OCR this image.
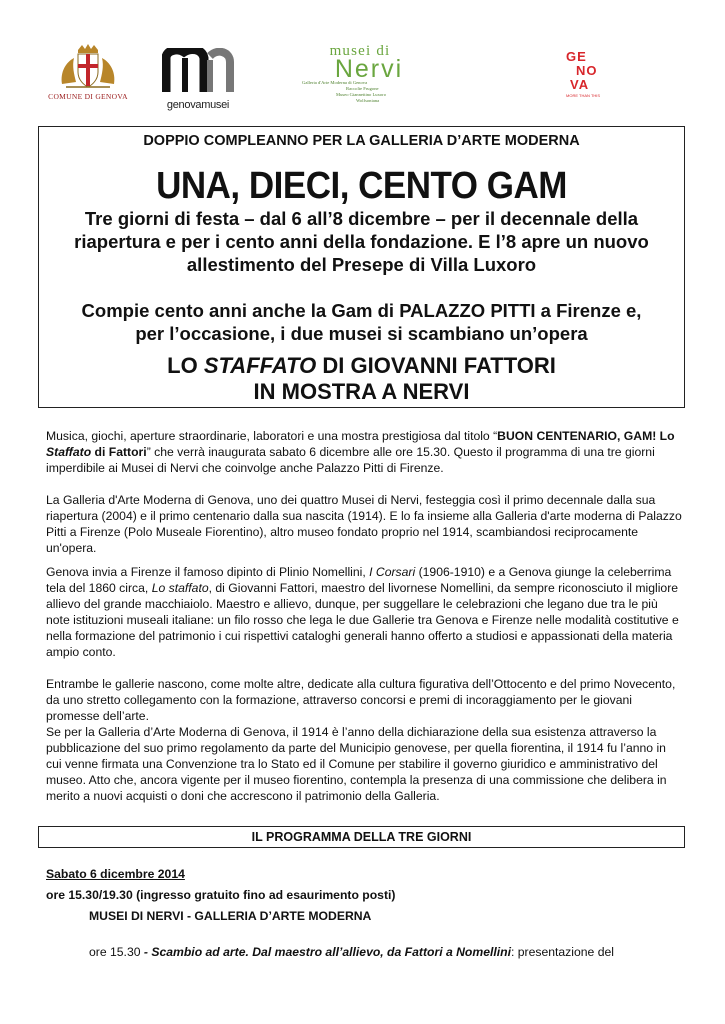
COMUNE DI GENOVA
genovamusei
musei di
Nervi
Galleria d'Arte Moderna di Genova
Raccolte Frugone
Museo Giannettino Luxoro
Wolfsoniana
GE
NO
VA
MORE THAN THIS
DOPPIO COMPLEANNO PER LA GALLERIA D’ARTE MODERNA
UNA, DIECI, CENTO GAM
Tre giorni di festa – dal 6 all’8 dicembre – per il decennale della
riapertura e per i cento anni della fondazione. E l’8 apre un nuovo
allestimento del Presepe di Villa Luxoro
Compie cento anni anche la Gam di PALAZZO PITTI a Firenze e,
per l’occasione, i due musei si scambiano un’opera
LO STAFFATO DI GIOVANNI FATTORI
IN MOSTRA A NERVI
Musica, giochi, aperture straordinarie, laboratori e una mostra prestigiosa dal titolo “BUON CENTENARIO, GAM! Lo Staffato di Fattori” che verrà inaugurata sabato 6 dicembre alle ore 15.30. Questo il programma di una tre giorni imperdibile ai Musei di Nervi che coinvolge anche Palazzo Pitti di Firenze.
La Galleria d'Arte Moderna di Genova, uno dei quattro Musei di Nervi, festeggia così il primo decennale dalla sua riapertura (2004) e il primo centenario dalla sua nascita (1914). E lo fa insieme alla Galleria d'arte moderna di Palazzo Pitti a Firenze (Polo Museale Fiorentino), altro museo fondato proprio nel 1914, scambiandosi reciprocamente un'opera.
Genova invia a Firenze il famoso dipinto di Plinio Nomellini, I Corsari (1906-1910) e a Genova giunge la celeberrima tela del 1860 circa, Lo staffato, di Giovanni Fattori, maestro del livornese Nomellini, da sempre riconosciuto il migliore allievo del grande macchiaiolo. Maestro e allievo, dunque, per suggellare le celebrazioni che legano due tra le più note istituzioni museali italiane: un filo rosso che lega le due Gallerie tra Genova e Firenze nelle modalità costitutive e nella formazione del patrimonio i cui rispettivi cataloghi generali hanno offerto a studiosi e appassionati della materia ampio conto.
Entrambe le gallerie nascono, come molte altre, dedicate alla cultura figurativa dell’Ottocento e del primo Novecento, da uno stretto collegamento con la formazione, attraverso concorsi e premi di incoraggiamento per le giovani promesse dell’arte.
Se per la Galleria d’Arte Moderna di Genova, il 1914 è l’anno della dichiarazione della sua esistenza attraverso la pubblicazione del suo primo regolamento da parte del Municipio genovese, per quella fiorentina, il 1914 fu l’anno in cui venne firmata una Convenzione tra lo Stato ed il Comune per stabilire il governo giuridico e amministrativo del museo. Atto che, ancora vigente per il museo fiorentino, contempla la presenza di una commissione che delibera in merito a nuovi acquisti o doni che accrescono il patrimonio della Galleria.
IL PROGRAMMA DELLA TRE GIORNI
Sabato 6 dicembre 2014
ore 15.30/19.30 (ingresso gratuito fino ad esaurimento posti)
MUSEI DI NERVI - GALLERIA D’ARTE MODERNA
ore 15.30 - Scambio ad arte. Dal maestro all’allievo, da Fattori a Nomellini: presentazione del
